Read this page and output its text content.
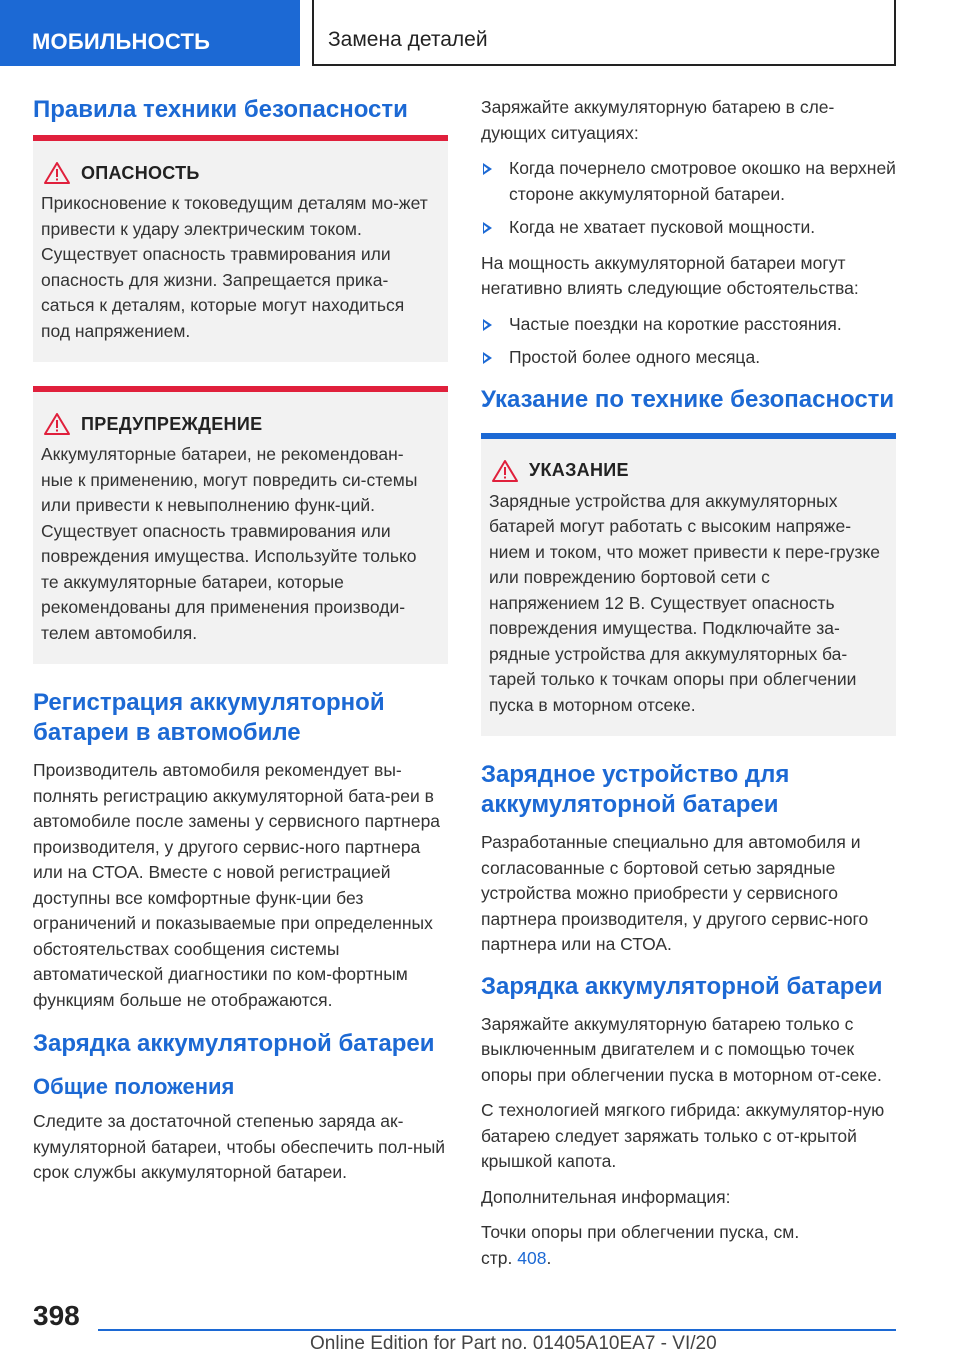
МОБИЛЬНОСТЬ	Замена деталей
Правила техники безопасности
ОПАСНОСТЬ

Прикосновение к токоведущим деталям мо-жет привести к удару электрическим током. Существует опасность травмирования или опасность для жизни. Запрещается прика-саться к деталям, которые могут находиться под напряжением.

ПРЕДУПРЕЖДЕНИЕ

Аккумуляторные батареи, не рекомендован-ные к применению, могут повредить си-стемы или привести к невыполнению функ-ций. Существует опасность травмирования или повреждения имущества. Используйте только те аккумуляторные батареи, которые рекомендованы для применения производи-телем автомобиля.

Регистрация аккумуляторной батареи в автомобиле

Производитель автомобиля рекомендует вы-полнять регистрацию аккумуляторной бата-реи в автомобиле после замены у сервисного партнера производителя, у другого сервис-ного партнера или на СТОА. Вместе с новой регистрацией доступны все комфортные функ-ции без ограничений и показываемые при определенных обстоятельствах сообщения системы автоматической диагностики по ком-фортным функциям больше не отображаются.

Зарядка аккумуляторной батареи
Общие положения

Следите за достаточной степенью заряда ак-кумуляторной батареи, чтобы обеспечить пол-ный срок службы аккумуляторной батареи.

Заряжайте аккумуляторную батарею в сле-дующих ситуациях:

Когда почернело смотровое окошко на верхней стороне аккумуляторной батареи.
Когда не хватает пусковой мощности.

На мощность аккумуляторной батареи могут негативно влиять следующие обстоятельства:

Частые поездки на короткие расстояния.
Простой более одного месяца.
Указание по технике безопасности
УКАЗАНИЕ

Зарядные устройства для аккумуляторных батарей могут работать с высоким напряже-нием и током, что может привести к пере-грузке или повреждению бортовой сети с напряжением 12 В. Существует опасность повреждения имущества. Подключайте за-рядные устройства для аккумуляторных ба-тарей только к точкам опоры при облегчении пуска в моторном отсеке.

Зарядное устройство для аккумуляторной батареи

Разработанные специально для автомобиля и согласованные с бортовой сетью зарядные устройства можно приобрести у сервисного партнера производителя, у другого сервис-ного партнера или на СТОА.

Зарядка аккумуляторной батареи

Заряжайте аккумуляторную батарею только с выключенным двигателем и с помощью точек опоры при облегчении пуска в моторном от-секе.

С технологией мягкого гибрида: аккумулятор-ную батарею следует заряжать только с от-крытой крышкой капота.

Дополнительная информация:

Точки опоры при облегчении пуска, см.
стр. 408.

398
Online Edition for Part no. 01405A10EA7 - VI/20
